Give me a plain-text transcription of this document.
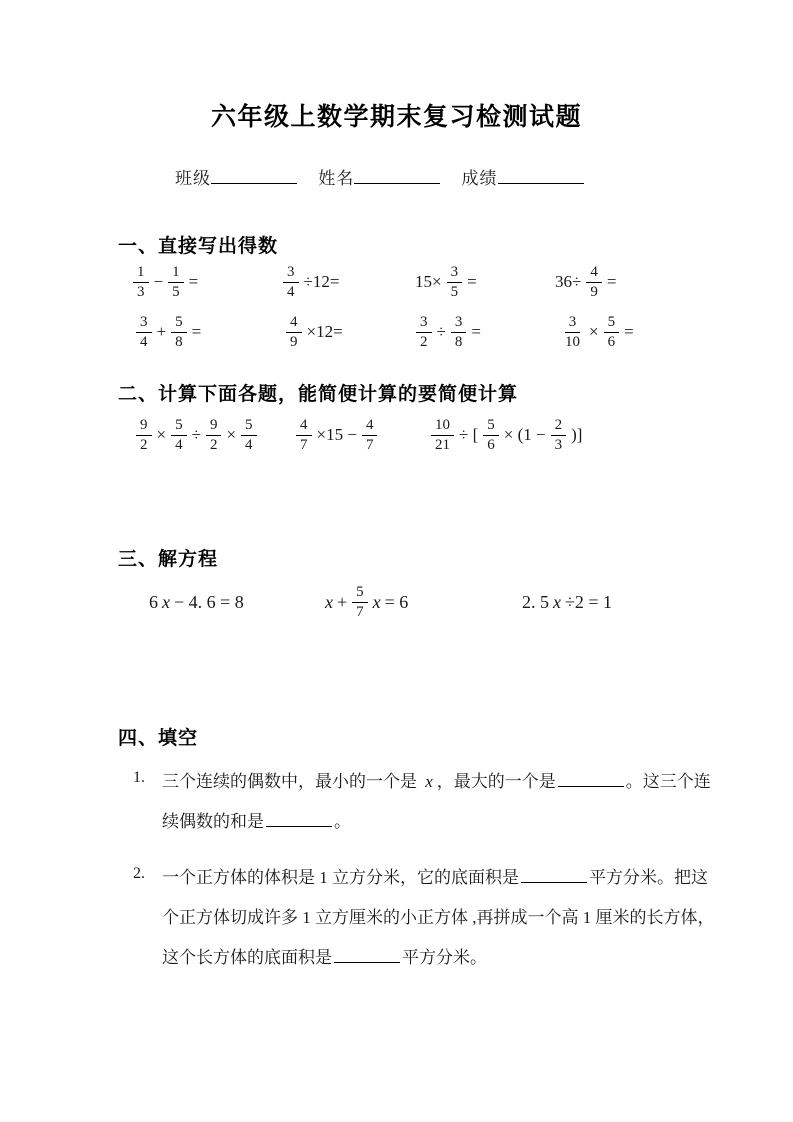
六年级上数学期末复习检测试题
班级	姓名	成绩
一、直接写出得数
$\frac{1}{3} - \frac{1}{5}$ =	$\frac{3}{4} \div 12=$	$15\times \frac{3}{5}$ =	$36\div \frac{4}{9}$ =
$\frac{3}{4} + \frac{5}{8}$ =	$\frac{4}{9} \times 12=$	$\frac{3}{2} \div \frac{3}{8}$ =	$\frac{3}{10} \times \frac{5}{6}$ =
二、计算下面各题，能简便计算的要简便计算
$\frac{9}{2} \times \frac{5}{4} \div \frac{9}{2} \times \frac{5}{4}$	$\frac{4}{7} \times 15 - \frac{4}{7}$	$\frac{10}{21}$ ÷ [ $\frac{5}{6} \times (1 - \frac{2}{3}$ )]
三、解方程
6 x − 4. 6 = 8	$x + \frac{5}{7}$ x = 6	2. 5 x ÷2 = 1
四、填空
1.	三个连续的偶数中，最小的一个是 x ，最大的一个是	。这三个连
续偶数的和是	。
2.	一个正方体的体积是 1 立方分米，它的底面积是	平方分米。把这
个正方体切成许多 1 立方厘米的小正方体 ,再拼成一个高 1 厘米的长方体，
这个长方体的底面积是	平方分米。
